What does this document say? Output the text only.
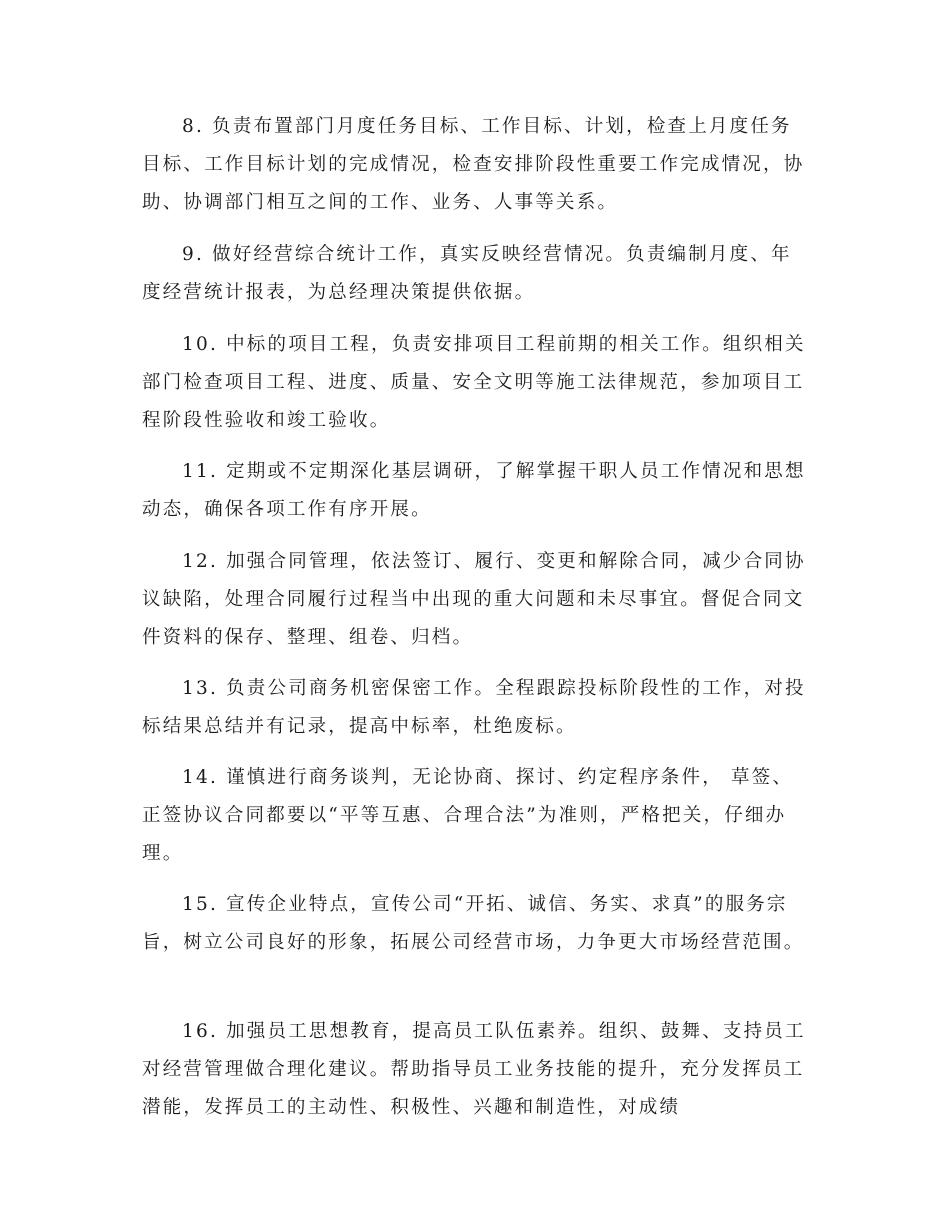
8. 负责布置部门月度任务目标、工作目标、计划，检查上月度任务目标、工作目标计划的完成情况，检查安排阶段性重要工作完成情况，协助、协调部门相互之间的工作、业务、人事等关系。

9. 做好经营综合统计工作，真实反映经营情况。负责编制月度、年度经营统计报表，为总经理决策提供依据。

10. 中标的项目工程，负责安排项目工程前期的相关工作。组织相关部门检查项目工程、进度、质量、安全文明等施工法律规范，参加项目工程阶段性验收和竣工验收。

11. 定期或不定期深化基层调研，了解掌握干职人员工作情况和思想动态，确保各项工作有序开展。

12. 加强合同管理，依法签订、履行、变更和解除合同，减少合同协议缺陷，处理合同履行过程当中出现的重大问题和未尽事宜。督促合同文件资料的保存、整理、组卷、归档。

13. 负责公司商务机密保密工作。全程跟踪投标阶段性的工作，对投标结果总结并有记录，提高中标率，杜绝废标。

14. 谨慎进行商务谈判，无论协商、探讨、约定程序条件， 草签、正签协议合同都要以“平等互惠、合理合法”为准则，严格把关，仔细办理。

15. 宣传企业特点，宣传公司“开拓、诚信、务实、求真”的服务宗旨，树立公司良好的形象，拓展公司经营市场，力争更大市场经营范围。

16. 加强员工思想教育，提高员工队伍素养。组织、鼓舞、支持员工对经营管理做合理化建议。帮助指导员工业务技能的提升，充分发挥员工潜能，发挥员工的主动性、积极性、兴趣和制造性，对成绩
